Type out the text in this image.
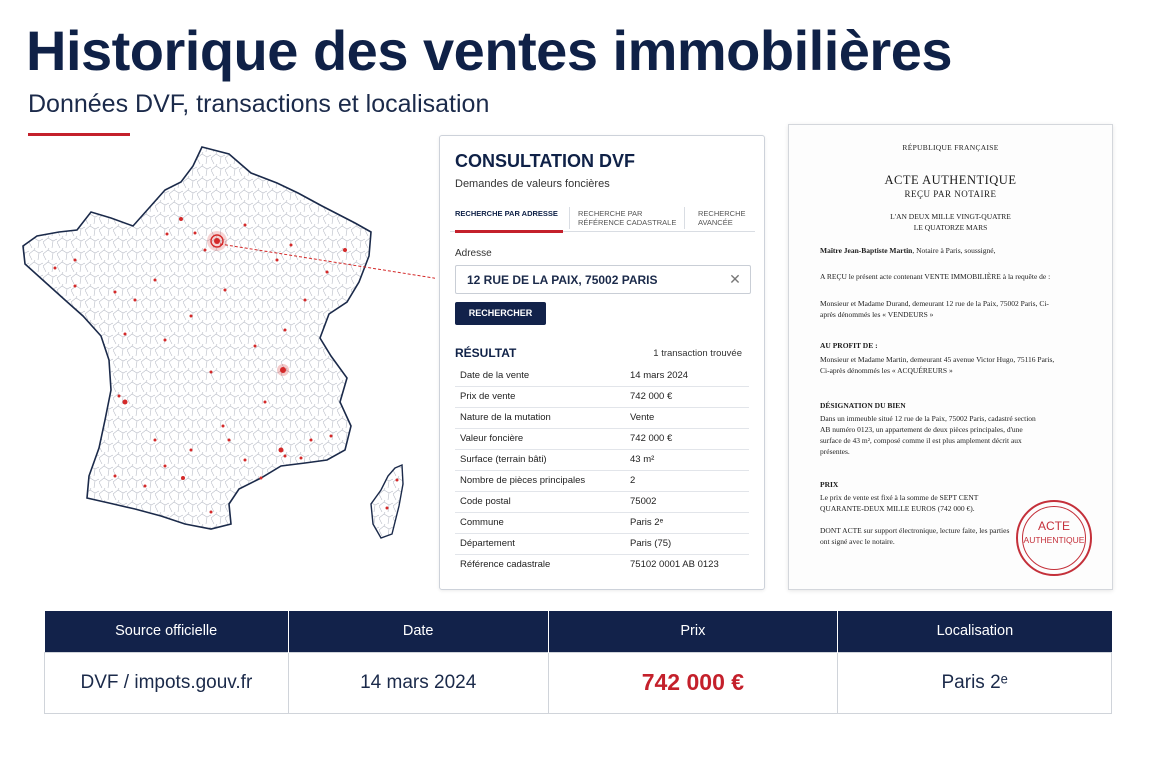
Historique des ventes immobilières
Données DVF, transactions et localisation
CONSULTATION DVF
Demandes de valeurs foncières
RECHERCHE PAR ADRESSE	RECHERCHE PAR RÉFÉRENCE CADASTRALE
RECHERCHE AVANCÉE
Adresse
12 RUE DE LA PAIX, 75002 PARIS
✕
RECHERCHER
RÉSULTAT	1 transaction trouvée
Date de la vente	14 mars 2024
Prix de vente	742 000 €
Nature de la mutation	Vente
Valeur foncière	742 000 €
Surface (terrain bâti)	43 m²
Nombre de pièces principales	2
Code postal	75002
Commune	Paris 2ᵉ
Département	Paris (75)
Référence cadastrale	75102 0001 AB 0123
RÉPUBLIQUE FRANÇAISE
ACTE AUTHENTIQUE
REÇU PAR NOTAIRE
L'AN DEUX MILLE VINGT-QUATRE
LE QUATORZE MARS
Maître Jean-Baptiste Martin, Notaire à Paris, soussigné,
A REÇU le présent acte contenant VENTE IMMOBILIÈRE à la requête de :
Monsieur et Madame Durand, demeurant 12 rue de la Paix, 75002 Paris, Ci-après dénommés les « VENDEURS »
AU PROFIT DE :
Monsieur et Madame Martin, demeurant 45 avenue Victor Hugo, 75116 Paris, Ci-après dénommés les « ACQUÉREURS »
DÉSIGNATION DU BIEN
Dans un immeuble situé 12 rue de la Paix, 75002 Paris, cadastré section AB numéro 0123, un appartement de deux pièces principales, d'une surface de 43 m², composé comme il est plus amplement décrit aux présentes.
PRIX
Le prix de vente est fixé à la somme de SEPT CENT QUARANTE-DEUX MILLE EUROS (742 000 €).
DONT ACTE sur support électronique, lecture faite, les parties ont signé avec le notaire.
ACTE
AUTHENTIQUE
Source officielle	Date	Prix	Localisation
DVF / impots.gouv.fr	14 mars 2024	742 000 €	Paris 2ᵉ
